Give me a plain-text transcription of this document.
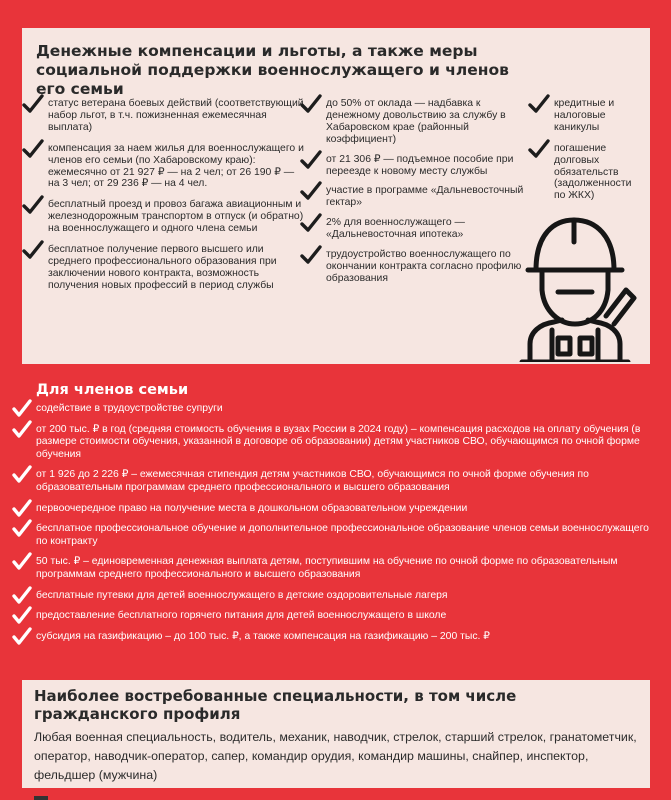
Денежные компенсации и льготы, а также меры социальной поддержки военнослужащего и членов его семьи
статус ветерана боевых действий (соответствующий набор льгот, в т.ч. пожизненная ежемесячная выплата)
компенсация за наем жилья для военнослужащего и членов его семьи (по Хабаровскому краю): ежемесячно от 21 927 ₽ — на 2 чел; от 26 190 ₽ — на 3 чел; от 29 236 ₽ — на 4 чел.
бесплатный проезд и провоз багажа авиационным и железнодорожным транспортом в отпуск (и обратно) на военнослужащего и одного члена семьи
бесплатное получение первого высшего или среднего профессионального образования при заключении нового контракта, возможность получения новых профессий в период службы
до 50% от оклада — надбавка к денежному довольствию за службу в Хабаровском крае (районный коэффициент)
от 21 306 ₽ — подъемное пособие при переезде к новому месту службы
участие в программе «Дальневосточный гектар»
2% для военнослужащего — «Дальневосточная ипотека»
трудоустройство военнослужащего по окончании контракта согласно профилю образования
кредитные и налоговые каникулы
погашение долговых обязательств (задолженности по ЖКХ)
Для членов семьи
содействие в трудоустройстве супруги
от 200 тыс. ₽ в год (средняя стоимость обучения в вузах России в 2024 году) – компенсация расходов на оплату обучения (в размере стоимости обучения, указанной в договоре об образовании) детям участников СВО, обучающимся по очной форме обучения
от 1 926 до 2 226 ₽ – ежемесячная стипендия детям участников СВО, обучающимся по очной форме обучения по образовательным программам среднего профессионального и высшего образования
первоочередное право на получение места в дошкольном образовательном учреждении
бесплатное профессиональное обучение и дополнительное профессиональное образование членов семьи военнослужащего по контракту
50 тыс. ₽ – единовременная денежная выплата детям, поступившим на обучение по очной форме по образовательным программам среднего профессионального и высшего образования
бесплатные путевки для детей военнослужащего в детские оздоровительные лагеря
предоставление бесплатного горячего питания для детей военнослужащего в школе
субсидия на газификацию – до 100 тыс. ₽, а также компенсация на газификацию – 200 тыс. ₽
Наиболее востребованные специальности, в том числе гражданского профиля
Любая военная специальность, водитель, механик, наводчик, стрелок, старший стрелок, гранатометчик, оператор, наводчик-оператор, сапер, командир орудия, командир машины, снайпер, инспектор, фельдшер (мужчина)
